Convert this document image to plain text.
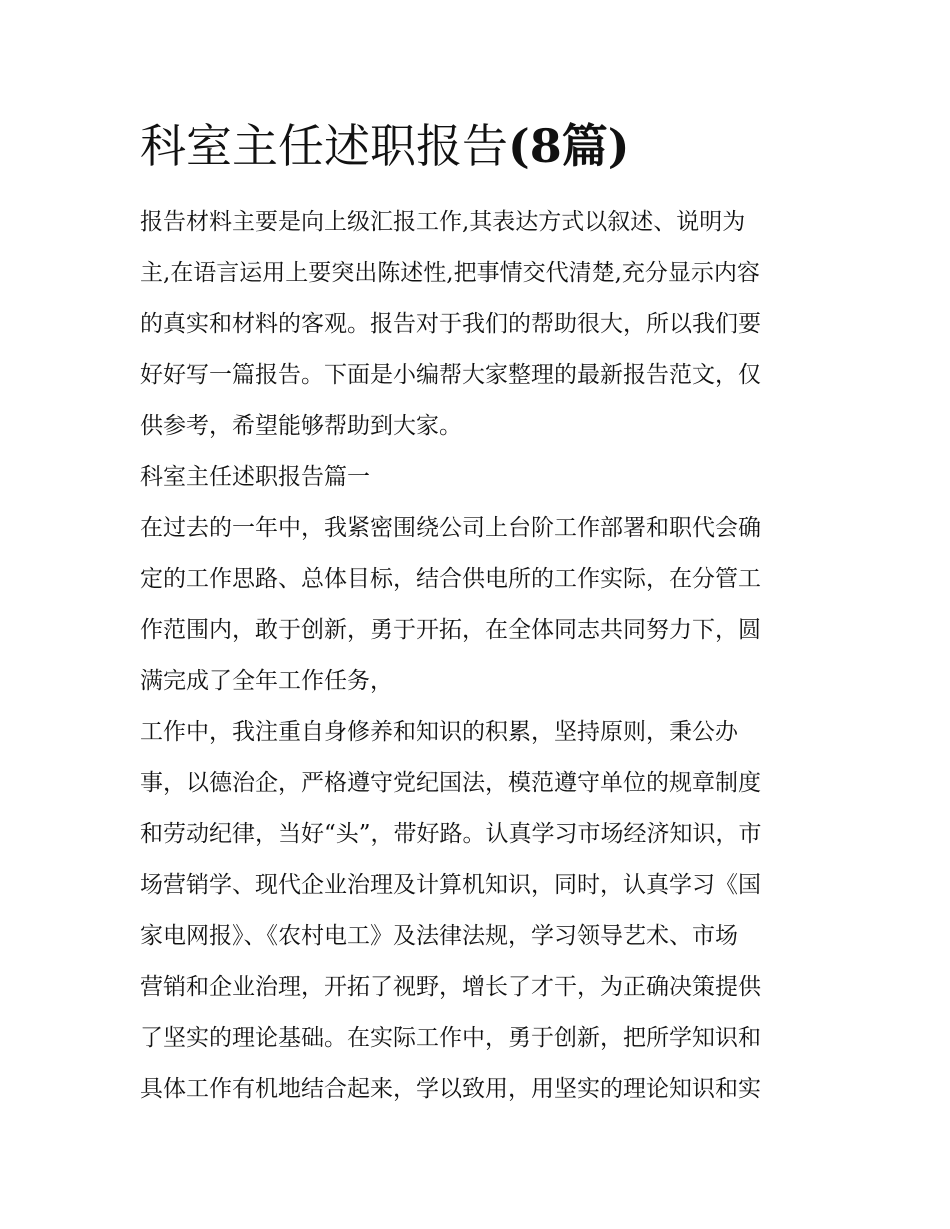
科室主任述职报告(8篇)

报告材料主要是向上级汇报工作,其表达方式以叙述、说明为

主,在语言运用上要突出陈述性,把事情交代清楚,充分显示内容

的真实和材料的客观。报告对于我们的帮助很大，所以我们要

好好写一篇报告。下面是小编帮大家整理的最新报告范文，仅

供参考，希望能够帮助到大家。

科室主任述职报告篇一

在过去的一年中，我紧密围绕公司上台阶工作部署和职代会确

定的工作思路、总体目标，结合供电所的工作实际，在分管工

作范围内，敢于创新，勇于开拓，在全体同志共同努力下，圆

满完成了全年工作任务，

工作中，我注重自身修养和知识的积累，坚持原则，秉公办

事，以德治企，严格遵守党纪国法，模范遵守单位的规章制度

和劳动纪律，当好“头”，带好路。认真学习市场经济知识，市

场营销学、现代企业治理及计算机知识，同时，认真学习《国

家电网报》、《农村电工》及法律法规，学习领导艺术、市场

营销和企业治理，开拓了视野，增长了才干，为正确决策提供

了坚实的理论基础。在实际工作中，勇于创新，把所学知识和

具体工作有机地结合起来，学以致用，用坚实的理论知识和实
